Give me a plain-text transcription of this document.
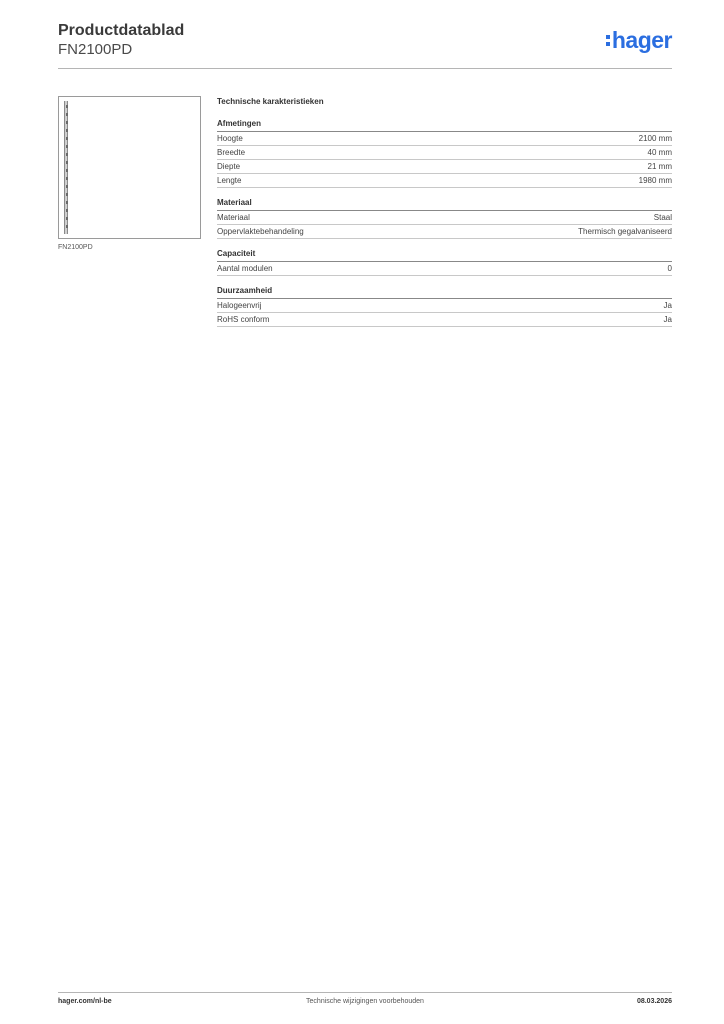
Productdatablad
FN2100PD	hager
FN2100PD
Technische karakteristieken
Afmetingen
Hoogte	2100 mm
Breedte	40 mm
Diepte	21 mm
Lengte	1980 mm
Materiaal
Materiaal	Staal
Oppervlaktebehandeling	Thermisch gegalvaniseerd
Capaciteit
Aantal modulen	0
Duurzaamheid
Halogeenvrij	Ja
RoHS conform	Ja
hager.com/nl-be	Technische wijzigingen voorbehouden	08.03.2026
